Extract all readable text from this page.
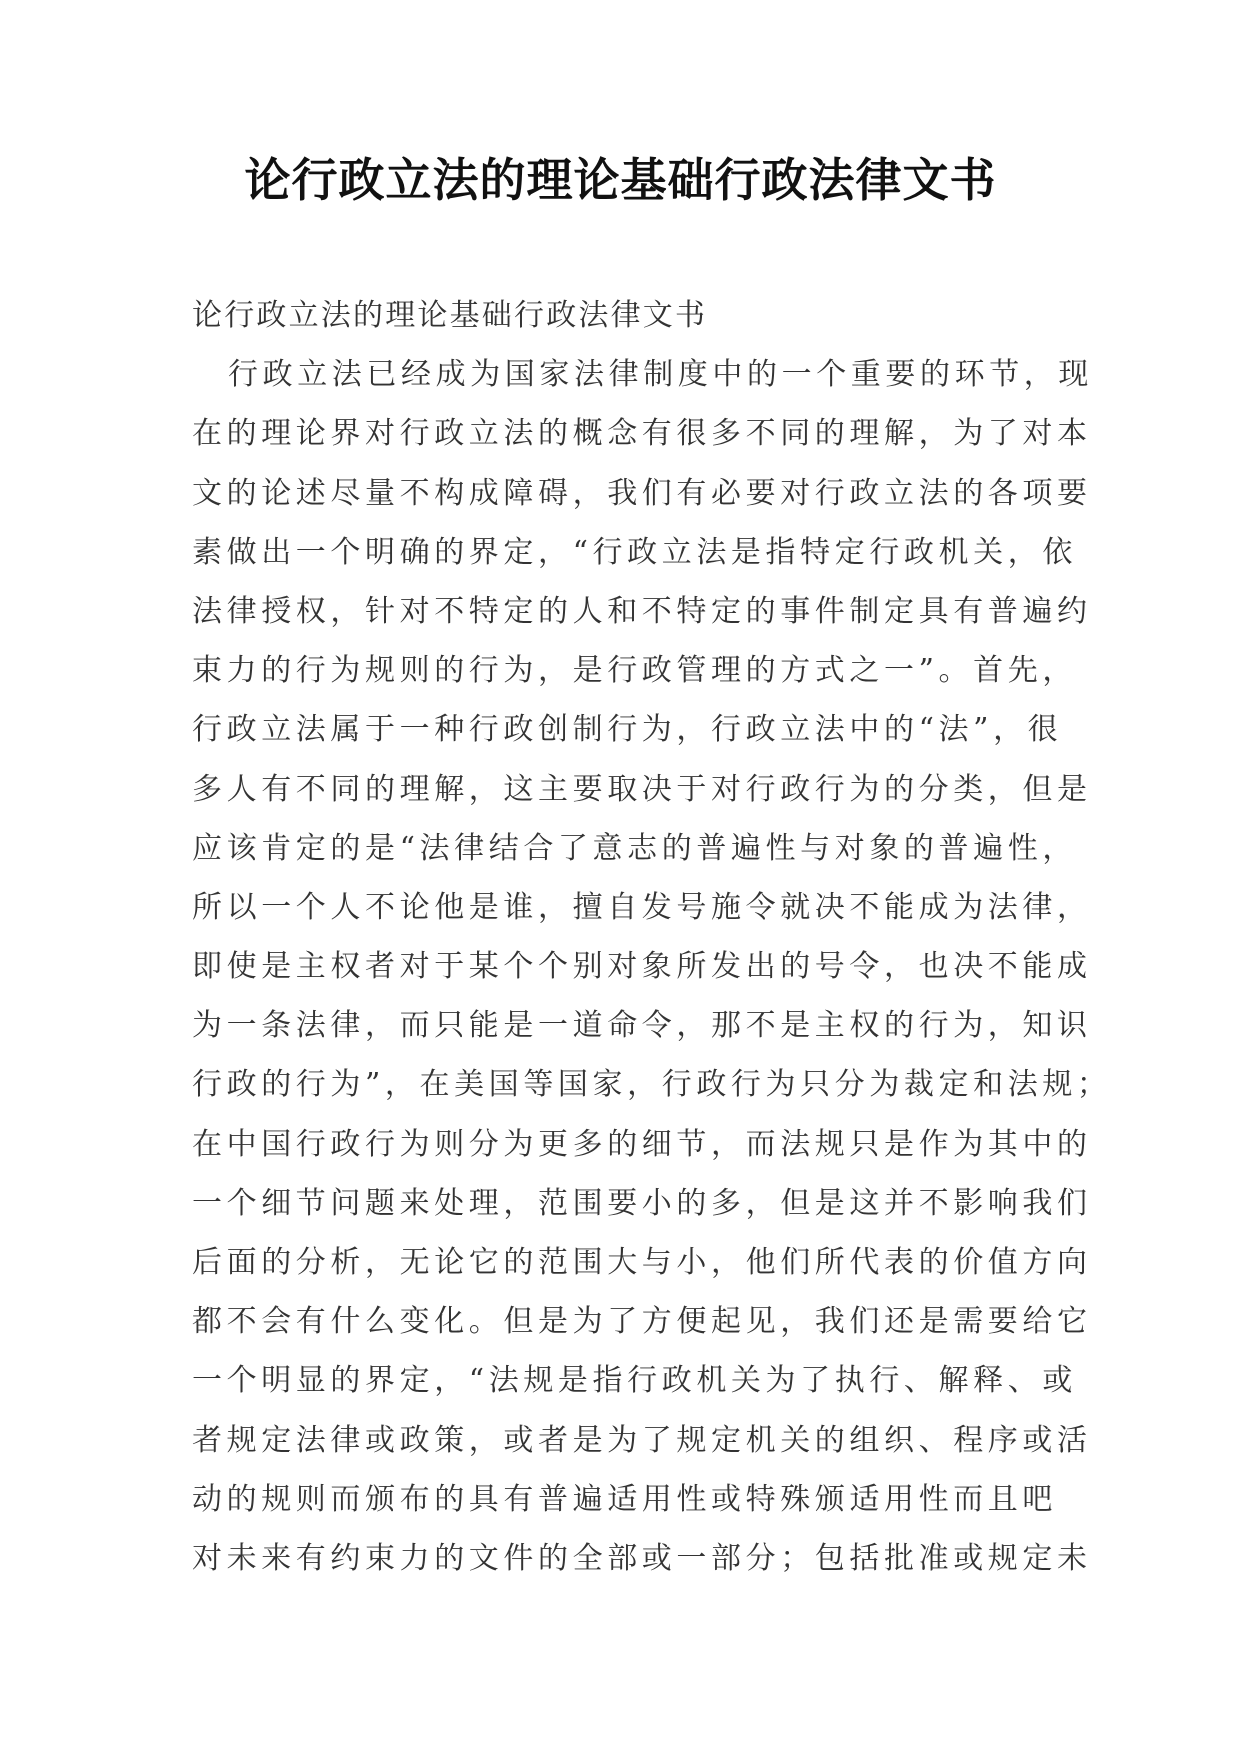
论行政立法的理论基础行政法律文书
论行政立法的理论基础行政法律文书
行政立法已经成为国家法律制度中的一个重要的环节，现
在的理论界对行政立法的概念有很多不同的理解，为了对本
文的论述尽量不构成障碍，我们有必要对行政立法的各项要
素做出一个明确的界定，“行政立法是指特定行政机关，依
法律授权，针对不特定的人和不特定的事件制定具有普遍约
束力的行为规则的行为，是行政管理的方式之一”。首先，
行政立法属于一种行政创制行为，行政立法中的“法”，很
多人有不同的理解，这主要取决于对行政行为的分类，但是
应该肯定的是“法律结合了意志的普遍性与对象的普遍性，
所以一个人不论他是谁，擅自发号施令就决不能成为法律，
即使是主权者对于某个个别对象所发出的号令，也决不能成
为一条法律，而只能是一道命令，那不是主权的行为，知识
行政的行为”，在美国等国家，行政行为只分为裁定和法规；
在中国行政行为则分为更多的细节，而法规只是作为其中的
一个细节问题来处理，范围要小的多，但是这并不影响我们
后面的分析，无论它的范围大与小，他们所代表的价值方向
都不会有什么变化。但是为了方便起见，我们还是需要给它
一个明显的界定，“法规是指行政机关为了执行、解释、或
者规定法律或政策，或者是为了规定机关的组织、程序或活
动的规则而颁布的具有普遍适用性或特殊颁适用性而且吧
对未来有约束力的文件的全部或一部分；包括批准或规定未
